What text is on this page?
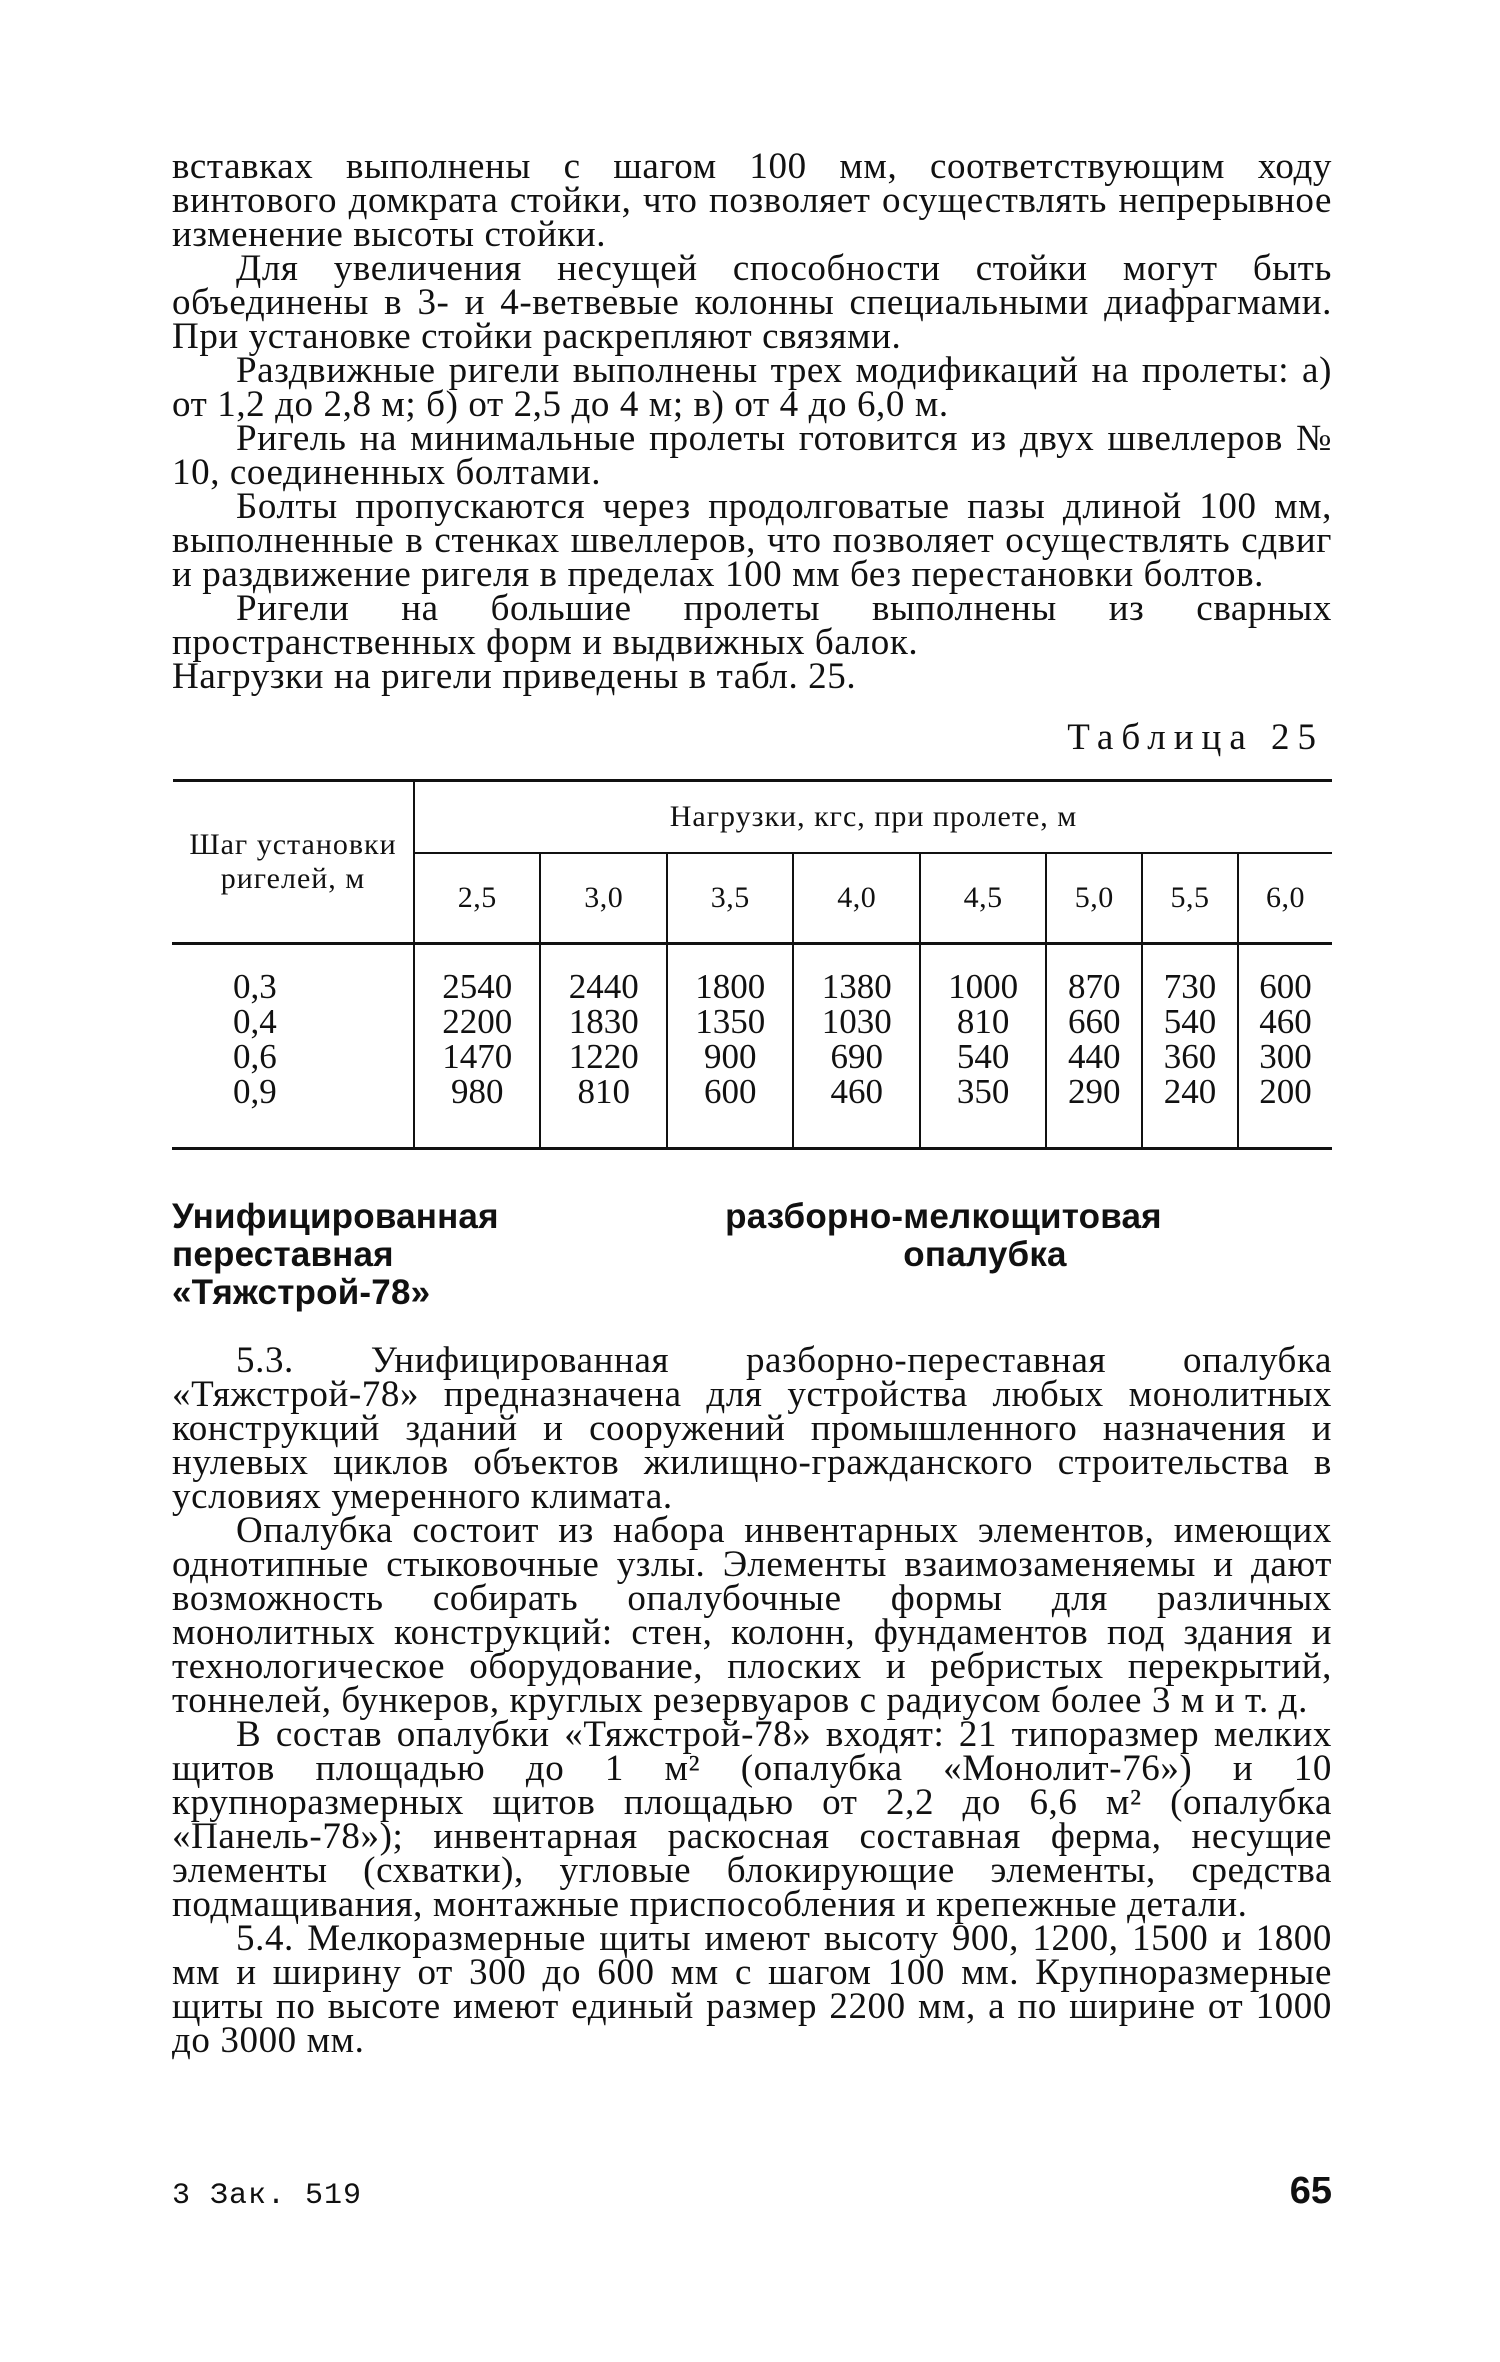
вставках выполнены с шагом 100 мм, соответствующим ходу винтового домкрата стойки, что позволяет осуществлять непрерывное изменение высоты стойки.

Для увеличения несущей способности стойки могут быть объединены в 3- и 4-ветвевые колонны специальными диафрагмами. При установке стойки раскрепляют связями.

Раздвижные ригели выполнены трех модификаций на пролеты: а) от 1,2 до 2,8 м; б) от 2,5 до 4 м; в) от 4 до 6,0 м.

Ригель на минимальные пролеты готовится из двух швеллеров № 10, соединенных болтами.

Болты пропускаются через продолговатые пазы длиной 100 мм, выполненные в стенках швеллеров, что позволяет осуществлять сдвиг и раздвижение ригеля в пределах 100 мм без перестановки болтов.

Ригели на большие пролеты выполнены из сварных пространственных форм и выдвижных балок.

Нагрузки на ригели приведены в табл. 25.

Таблица 25
Шаг установки ригелей, м	Нагрузки, кгс, при пролете, м							
	2,5	3,0	3,5	4,0	4,5	5,0	5,5	6,0

0,3	2540	2440	1800	1380	1000	870	730	600
0,4	2200	1830	1350	1030	810	660	540	460
0,6	1470	1220	900	690	540	440	360	300
0,9	980	810	600	460	350	290	240	200
Унифицированная разборно-переставная
мелкощитовая опалубка
«Тяжстрой-78»

5.3. Унифицированная разборно-переставная опалубка «Тяжстрой-78» предназначена для устройства любых монолитных конструкций зданий и сооружений промышленного назначения и нулевых циклов объектов жилищно-гражданского строительства в условиях умеренного климата.

Опалубка состоит из набора инвентарных элементов, имеющих однотипные стыковочные узлы. Элементы взаимозаменяемы и дают возможность собирать опалубочные формы для различных монолитных конструкций: стен, колонн, фундаментов под здания и технологическое оборудование, плоских и ребристых перекрытий, тоннелей, бункеров, круглых резервуаров с радиусом более 3 м и т. д.

В состав опалубки «Тяжстрой-78» входят: 21 типоразмер мелких щитов площадью до 1 м² (опалубка «Монолит-76») и 10 крупноразмерных щитов площадью от 2,2 до 6,6 м² (опалубка «Панель-78»); инвентарная раскосная составная ферма, несущие элементы (схватки), угловые блокирующие элементы, средства подмащивания, монтажные приспособления и крепежные детали.

5.4. Мелкоразмерные щиты имеют высоту 900, 1200, 1500 и 1800 мм и ширину от 300 до 600 мм с шагом 100 мм. Крупноразмерные щиты по высоте имеют единый размер 2200 мм, а по ширине от 1000 до 3000 мм.

3 Зак. 519	65
